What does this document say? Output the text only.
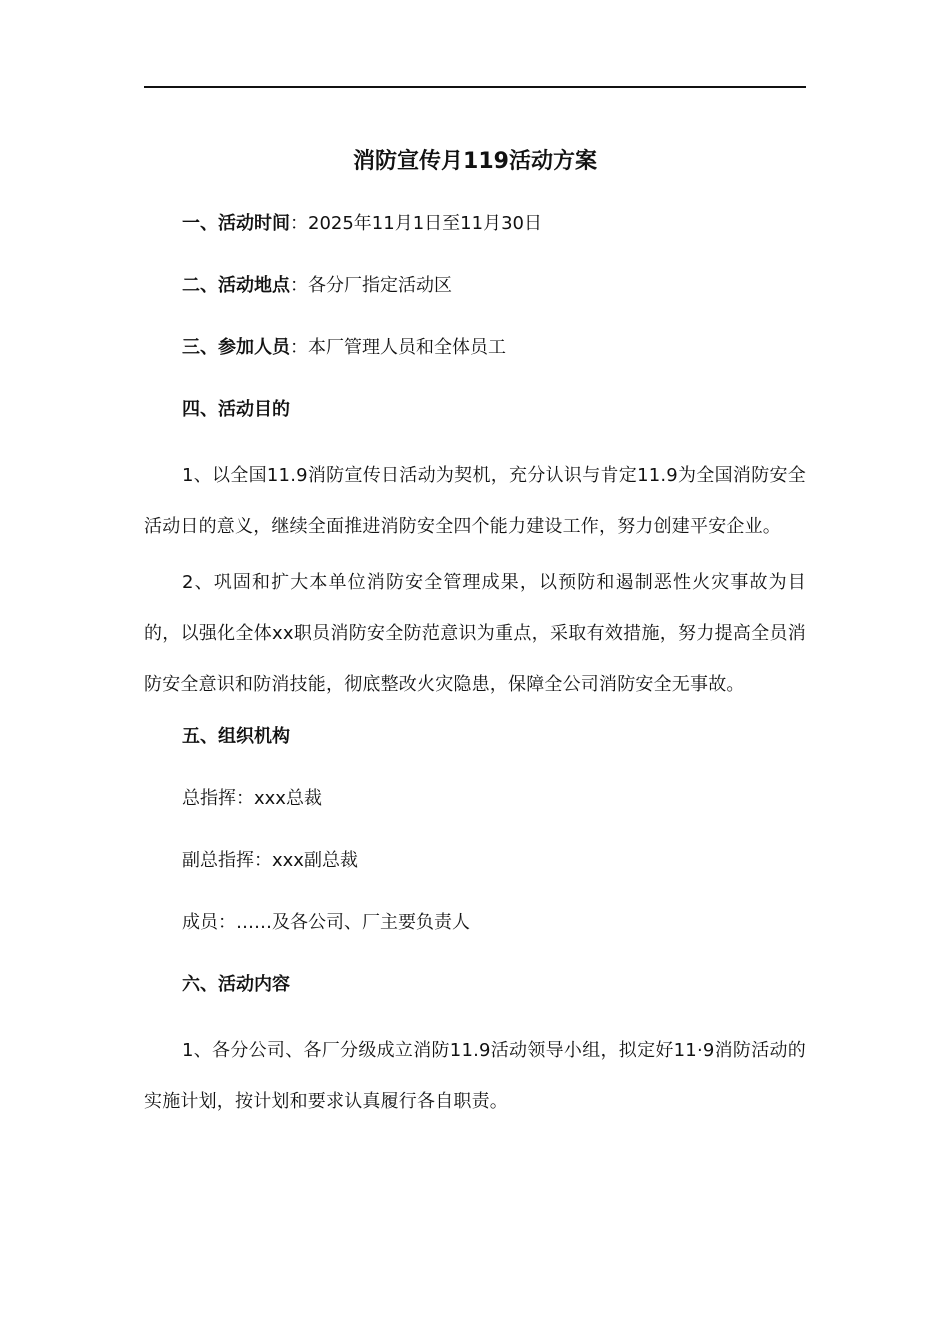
消防宣传月119活动方案
一、活动时间：2025年11月1日至11月30日
二、活动地点：各分厂指定活动区
三、参加人员：本厂管理人员和全体员工
四、活动目的

1、以全国11.9消防宣传日活动为契机，充分认识与肯定11.9为全国消防安全活动日的意义，继续全面推进消防安全四个能力建设工作，努力创建平安企业。

2、巩固和扩大本单位消防安全管理成果，以预防和遏制恶性火灾事故为目的，以强化全体xx职员消防安全防范意识为重点，采取有效措施，努力提高全员消防安全意识和防消技能，彻底整改火灾隐患，保障全公司消防安全无事故。

五、组织机构
总指挥：xxx总裁
副总指挥：xxx副总裁
成员：……及各公司、厂主要负责人
六、活动内容

1、各分公司、各厂分级成立消防11.9活动领导小组，拟定好11·9消防活动的实施计划，按计划和要求认真履行各自职责。
